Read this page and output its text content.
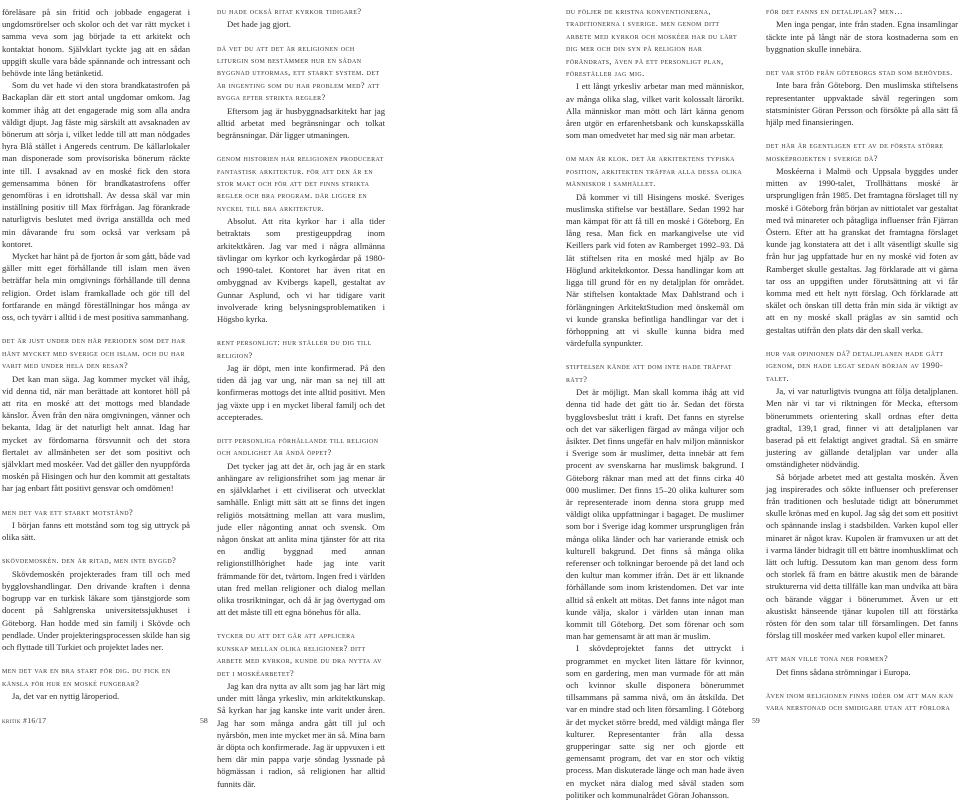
föreläsare på sin fritid och jobbade engagerat i ungdomsrörelser och skolor och det var rätt mycket i samma veva som jag började ta ett arkitekt och kontaktat honom. Självklart tyckte jag att en sådan uppgift skulle vara både spännande och intressant och behövde inte lång betänketid.

Som du vet hade vi den stora brandkatastrofen på Backaplan där ett stort antal ungdomar omkom. Jag kommer ihåg att det engagerade mig som alla andra väldigt djupt. Jag fäste mig särskilt att avsaknaden av bönerum att sörja i, vilket ledde till att man nödgades hyra Blå stället i Angereds centrum. De källarlokaler man disponerade som provisoriska bönerum räckte inte till. I avsaknad av en moské fick den stora gemensamma bönen för brandkatastrofens offer genomföras i en idrottshall. Av dessa skäl var min inställning positiv till Max förfrågan. Jag förankrade naturligtvis beslutet med övriga anställda och med min dåvarande fru som också var verksam på kontoret.

Mycket har hänt på de fjorton år som gått, både vad gäller mitt eget förhållande till islam men även beträffar hela min omgivnings förhållande till denna religion. Ordet islam framkallade och gör till del fortfarande en mängd föreställningar hos många av oss, och tyvärr i alltid i de mest positiva sammanhang.

det är just under den här perioden som det har hänt mycket med sverige och islam. och du har varit med under hela den resan?

Det kan man säga. Jag kommer mycket väl ihåg, vid denna tid, när man berättade att kontoret höll på att rita en moské att det mottogs med blandade känslor. Även från den nära omgivningen, vänner och bekanta. Idag är det naturligt helt annat. Idag har mycket av fördomarna försvunnit och det stora flertalet av allmänheten ser det som positivt och självklart med moskéer. Vad det gäller den nyuppförda moskén på Hisingen och hur den kommit att gestaltats har jag enbart fått positivt gensvar och omdömen!

men det var ett starkt motstånd?

I början fanns ett motstånd som tog sig uttryck på olika sätt.

skövdemoskén. den är ritad, men inte byggd?

Skövdemoskén projekterades fram till och med bygglovshandlingar. Den drivande kraften i denna bogrupp var en turkisk läkare som tjänstgjorde som docent på Sahlgrenska universitetssjukhuset i Göteborg. Han hodde med sin familj i Skövde och pendlade. Under projekteringsprocessen skilde han sig och flyttade till Turkiet och projektet lades ner.

men det var en bra start för dig. du fick en känsla för hur en moské fungerar?

Ja, det var en nyttig läroperiod.

du hade också ritat kyrkor tidigare?

Det hade jag gjort.

då vet du att det är religionen och liturgin som bestämmer hur en sådan byggnad utformas, ett starkt system. det är ingenting som du har problem med? att bygga efter strikta regler?

Eftersom jag är husbyggnadsarkitekt har jag alltid arbetat med begränsningar och tolkat begränsningar. Där ligger utmaningen.

genom historien har religionen producerat fantastisk arkitektur. för att den är en stor makt och för att det finns strikta regler och bra program. där ligger en nyckel till bra arkitektur.

Absolut. Att rita kyrkor har i alla tider betraktats som prestigeuppdrag inom arkitektkåren. Jag var med i några allmänna tävlingar om kyrkor och kyrkogårdar på 1980- och 1990-talet. Kontoret har även ritat en ombyggnad av Kvibergs kapell, gestaltat av Gunnar Asplund, och vi har tidigare varit involverade kring belysningsproblematiken i Högsbo kyrka.

rent personligt: hur ställer du dig till religion?

Jag är döpt, men inte konfirmerad. På den tiden då jag var ung, när man sa nej till att konfirmeras mottogs det inte alltid positivt. Men jag växte upp i en mycket liberal familj och det accepterades.

ditt personliga förhållande till religion och andlighet är ändå öppet?

Det tycker jag att det är, och jag är en stark anhängare av religionsfrihet som jag menar är en självklarhet i ett civiliserat och utvecklat samhälle. Enligt mitt sätt att se finns det ingen religiös motsättning mellan att vara muslim, jude eller någonting annat och svensk. Om någon önskat att anlita mina tjänster för att rita en andlig byggnad med annan religionstillhörighet hade jag inte varit främmande för det, tvärtom. Ingen fred i världen utan fred mellan religioner och dialog mellan olika trosriktningar, och då är jag övertygad om att det måste till ett egna bönehus för alla.

tycker du att det går att applicera kunskap mellan olika religioner? ditt arbete med kyrkor, kunde du dra nytta av det i moskéarbetet?

Jag kan dra nytta av allt som jag har lärt mig under mitt långa yrkesliv, min arkitektkunskap. Så kyrkan har jag kanske inte varit under åren. Jag har som många andra gått till jul och nyårsbön, men inte mycket mer än så. Mina barn är döpta och konfirmerade. Jag är uppvuxen i ett hem där min pappa varje söndag lyssnade på högmässan i radion, så religionen har alltid funnits där.

du följer de kristna konventionerna, traditionerna i sverige. men genom ditt arbete med kyrkor och moskéer har du lärt dig mer och din syn på religion har förändrats, även på ett personligt plan, föreställer jag mig.

I ett långt yrkesliv arbetar man med människor, av många olika slag, vilket varit kolossalt lärorikt. Alla människor man mött och lärt känna genom åren utgör en erfarenhetsbank och kunskapsskälla som man omedvetet har med sig när man arbetar.

om man är klok. det är arkitektens typiska position, arkitekten träffar alla dessa olika människor i samhället.

Då kommer vi till Hisingens moské. Sveriges muslimska stiftelse var beställare. Sedan 1992 har man kämpat för att få till en moské i Göteborg. En lång resa. Man fick en markangivelse ute vid Keillers park vid foten av Ramberget 1992–93. Då lät stiftelsen rita en moské med hjälp av Bo Höglund arkitektkontor. Dessa handlingar kom att ligga till grund för en ny detaljplan för området. När stiftelsen kontaktade Max Dahlstrand och i förlängningen ArkitektStudion med önskemål om vi kunde granska befintliga handlingar var det i förhoppning att vi skulle kunna bidra med värdefulla synpunkter.

stiftelsen kände att dom inte hade träffat rätt?

Det är möjligt. Man skall komma ihåg att vid denna tid hade det gått tio år. Sedan det första bygglovsbeslut trätt i kraft. Det fanns en styrelse och det var säkerligen färgad av många viljor och åsikter. Det finns ungefär en halv miljon människor i Sverige som är muslimer, detta innebär att fem procent av svenskarna har muslimsk bakgrund. I Göteborg räknar man med att det finns cirka 40 000 muslimer. Det finns 15–20 olika kulturer som är representerade inom denna stora grupp med väldigt olika uppfattningar i bagaget. De muslimer som bor i Sverige idag kommer ursprungligen från många olika länder och har varierande etnisk och kulturell bakgrund. Det finns så många olika referenser och tolkningar beroende på det land och den kultur man kommer ifrån. Det är ett liknande förhållande som inom kristendomen. Det var inte alltid så enkelt att mötas. Det fanns inte något man kunde välja, skalor i världen utan innan man kommit till Göteborg. Det som förenar och som man har gemensamt är att man är muslim.

I skövdeprojektet fanns det uttryckt i programmet en mycket liten lättare för kvinnor, som en gardering, men man vurmade för att män och kvinnor skulle disponera bönerummet tillsammans på samma nivå, om än åtskilda. Det var en mindre stad och liten församling. I Göteborg är det mycket större bredd, med väldigt många fler kulturer. Representanter från alla dessa grupperingar satte sig ner och gjorde ett gemensamt program, det var en stor och viktig process. Man diskuterade länge och man hade även en mycket nära dialog med såväl staden som politiker och kommunalrådet Göran Johansson.

för det fanns en detaljplan? men…

Men inga pengar, inte från staden. Egna insamlingar täckte inte på långt när de stora kostnaderna som en byggnation skulle innebära.

det var stöd från göteborgs stad som behövdes.

Inte bara från Göteborg. Den muslimska stiftelsens representanter uppvaktade såväl regeringen som statsminister Göran Persson och försökte på alla sätt få hjälp med finansieringen.

det här är egentligen ett av de första större mosképrojekten i sverige då?

Moskéerna i Malmö och Uppsala byggdes under mitten av 1990-talet, Trollhättans moské är ursprungligen från 1985. Det framtagna förslaget till ny moské i Göteborg från början av nittiotalet var gestaltat med två minareter och påtagliga influenser från Fjärran Östern. Efter att ha granskat det framtagna förslaget kunde jag konstatera att det i allt väsentligt skulle sig från hur jag uppfattade hur en ny moské vid foten av Ramberget skulle gestaltas. Jag förklarade att vi gärna tar oss an uppgiften under förutsättning att vi får komma med ett helt nytt förslag. Och förklarade att skälet och önskan till detta från min sida är viktigt av att en ny moské skall präglas av sin samtid och gestaltas utifrån den plats där den skall verka.

hur var opinionen då? detaljplanen hade gått igenom, den hade legat sedan början av 1990-talet.

Ja, vi var naturligtvis tvungna att följa detaljplanen. Men när vi tar vi riktningen för Mecka, eftersom bönerummets orientering skall ordnas efter detta gradtal, 139,1 grad, finner vi att detaljplanen var baserad på ett felaktigt angivet gradtal. Så en smärre justering av gällande detaljplan var under alla omständigheter nödvändig.

Så började arbetet med att gestalta moskén. Även jag inspirerades och sökte influenser och preferenser från traditionen och beslutade tidigt att bönerummet skulle krönas med en kupol. Jag såg det som ett positivt och spännande inslag i stadsbilden. Varken kupol eller minaret är något krav. Kupolen är framvuxen ur att det i varma länder bidragit till ett bättre inomhusklimat och lätt och luftig. Dessutom kan man genom dess form och storlek få fram en bättre akustik men de bärande strukturerna vid detta tillfälle kan man undvika att bära och bärande väggar i bönerummet. Även ur ett akustiskt hänseende tjänar kupolen till att förstärka rösten för den som talar till församlingen. Det fanns förslag till moskéer med varken kupol eller minaret.

att man ville tona ner formen?

Det finns sådana strömningar i Europa.

även inom religionen finns idéer om att man kan vara nerstonad och smidigare utan att förlora

kritik #16/17	58	59
